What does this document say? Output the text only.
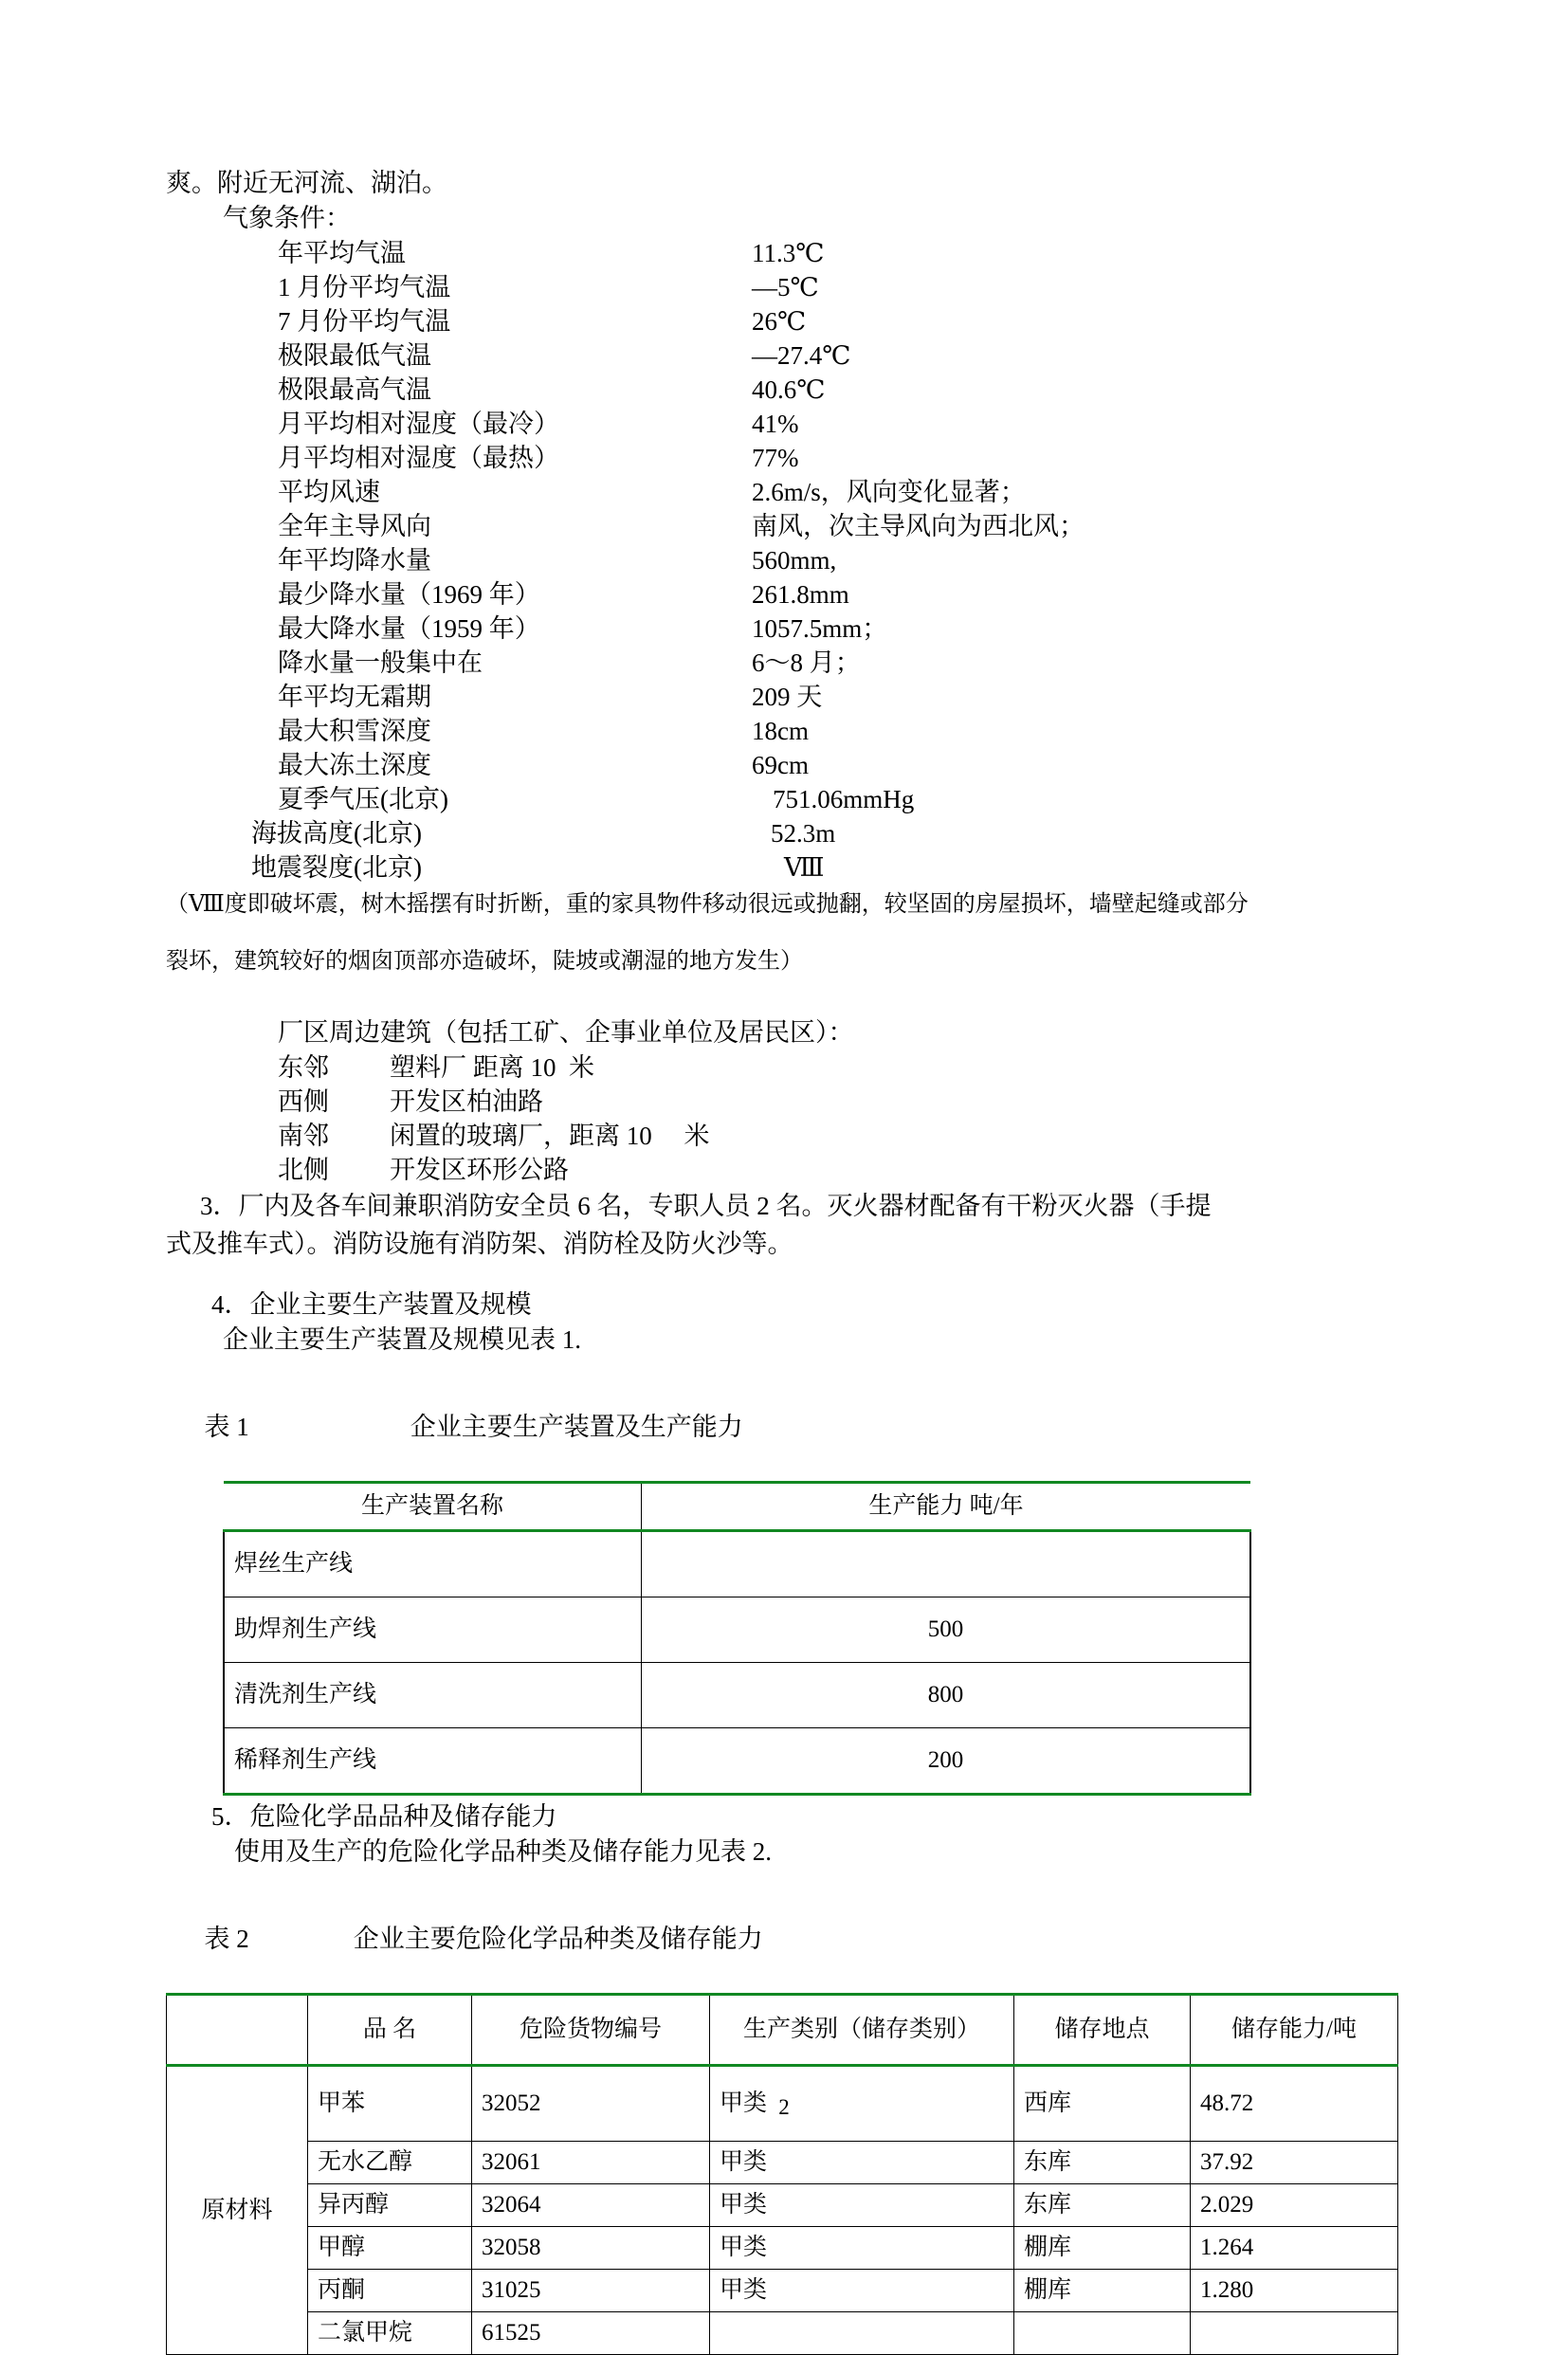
爽。附近无河流、湖泊。
气象条件：
年平均气温	11.3℃
1 月份平均气温	—5℃
7 月份平均气温	26℃
极限最低气温	—27.4℃
极限最高气温	40.6℃
月平均相对湿度（最冷）	41%
月平均相对湿度（最热）	77%
平均风速	2.6m/s，风向变化显著；
全年主导风向	南风，次主导风向为西北风；
年平均降水量	560mm,
最少降水量（1969 年）	261.8mm
最大降水量（1959 年）	1057.5mm；
降水量一般集中在	6～8 月；
年平均无霜期	209 天
最大积雪深度	18cm
最大冻土深度	69cm
夏季气压(北京)	751.06mmHg
海拔高度(北京)	52.3m
地震裂度(北京)	Ⅷ
（Ⅷ度即破坏震，树木摇摆有时折断，重的家具物件移动很远或抛翻，较坚固的房屋损坏，墙壁起缝或部分
裂坏，建筑较好的烟囱顶部亦造破坏，陡坡或潮湿的地方发生）
厂区周边建筑（包括工矿、企事业单位及居民区）：
东邻	塑料厂 距离 10  米
西侧	开发区柏油路
南邻	闲置的玻璃厂，距离 10     米
北侧	开发区环形公路
3．厂内及各车间兼职消防安全员 6 名，专职人员 2 名。灭火器材配备有干粉灭火器（手提
式及推车式）。消防设施有消防架、消防栓及防火沙等。
4．企业主要生产装置及规模
企业主要生产装置及规模见表 1.

表 1	企业主要生产装置及生产能力

生产装置名称	生产能力 吨/年
焊丝生产线	
助焊剂生产线	500
清洗剂生产线	800
稀释剂生产线	200
5．危险化学品品种及储存能力
使用及生产的危险化学品种类及储存能力见表 2.

表 2	企业主要危险化学品种类及储存能力

	品 名	危险货物编号	生产类别（储存类别）	储存地点	储存能力/吨
原材料	甲苯	32052	甲类	西库	48.72
	无水乙醇	32061	甲类	东库	37.92
	异丙醇	32064	甲类	东库	2.029
	甲醇	32058	甲类	棚库	1.264
	丙酮	31025	甲类	棚库	1.280
	二氯甲烷	61525			
2
